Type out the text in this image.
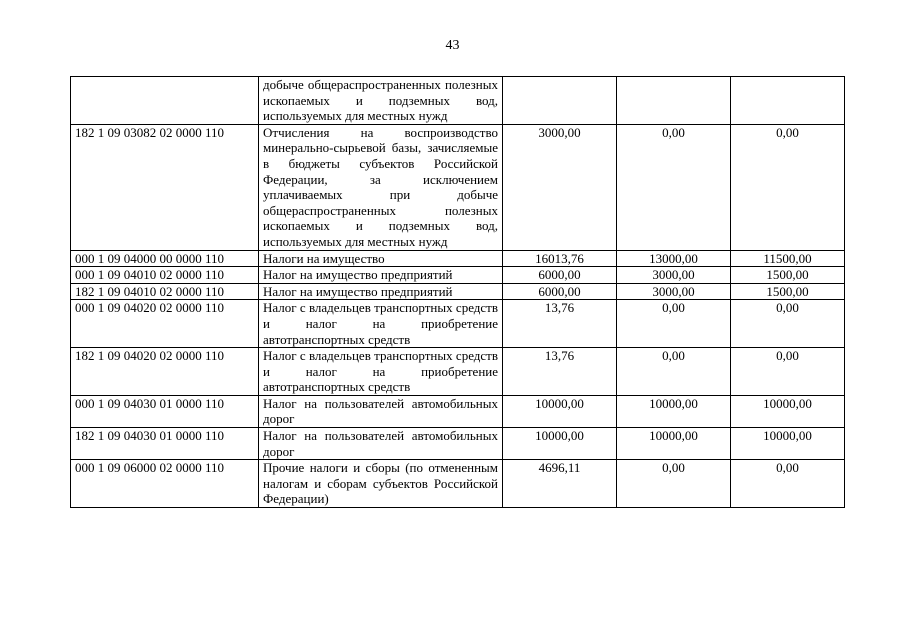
43
	добыче общераспространенных полезных ископаемых и подземных вод, используемых для местных нужд			
182 1 09 03082 02 0000 110	Отчисления на воспроизводство минерально-сырьевой базы, зачисляемые в бюджеты субъектов Российской Федерации, за исключением уплачиваемых при добыче общераспространенных полезных ископаемых и подземных вод, используемых для местных нужд	3000,00	0,00	0,00
000 1 09 04000 00 0000 110	Налоги на имущество	16013,76	13000,00	11500,00
000 1 09 04010 02 0000 110	Налог на имущество предприятий	6000,00	3000,00	1500,00
182 1 09 04010 02 0000 110	Налог на имущество предприятий	6000,00	3000,00	1500,00
000 1 09 04020 02 0000 110	Налог с владельцев транспортных средств и налог на приобретение автотранспортных средств	13,76	0,00	0,00
182 1 09 04020 02 0000 110	Налог с владельцев транспортных средств и налог на приобретение автотранспортных средств	13,76	0,00	0,00
000 1 09 04030 01 0000 110	Налог на пользователей автомобильных дорог	10000,00	10000,00	10000,00
182 1 09 04030 01 0000 110	Налог на пользователей автомобильных дорог	10000,00	10000,00	10000,00
000 1 09 06000 02 0000 110	Прочие налоги и сборы (по отмененным налогам и сборам субъектов Российской Федерации)	4696,11	0,00	0,00
